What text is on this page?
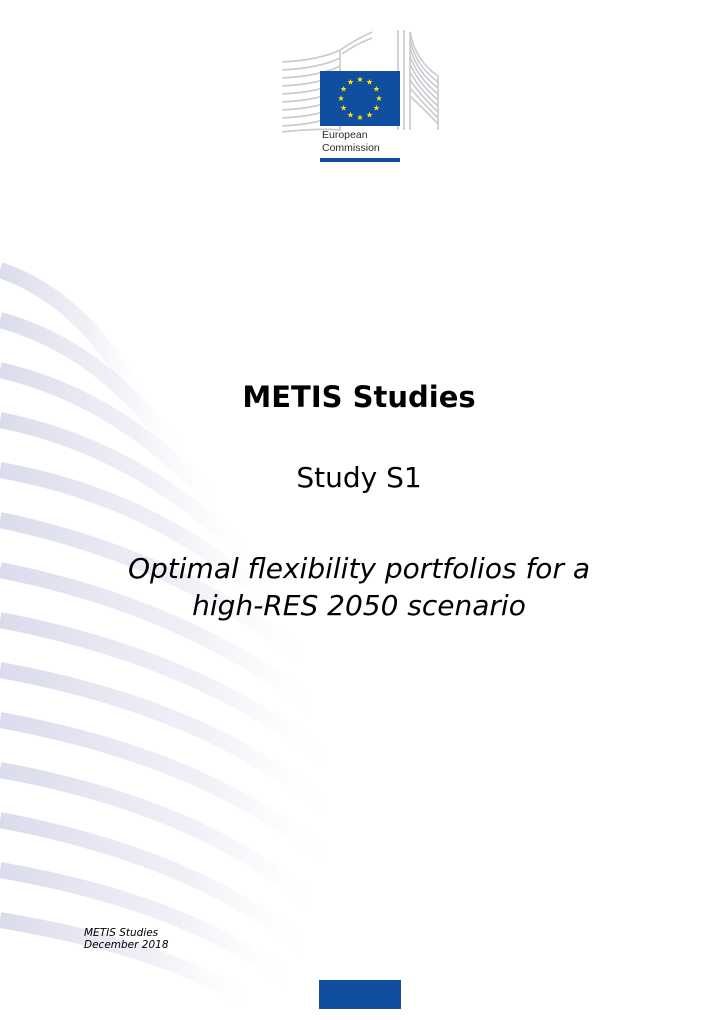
European
Commission
METIS Studies
Study S1
Optimal flexibility portfolios for a
high-RES 2050 scenario
METIS Studies
December 2018
